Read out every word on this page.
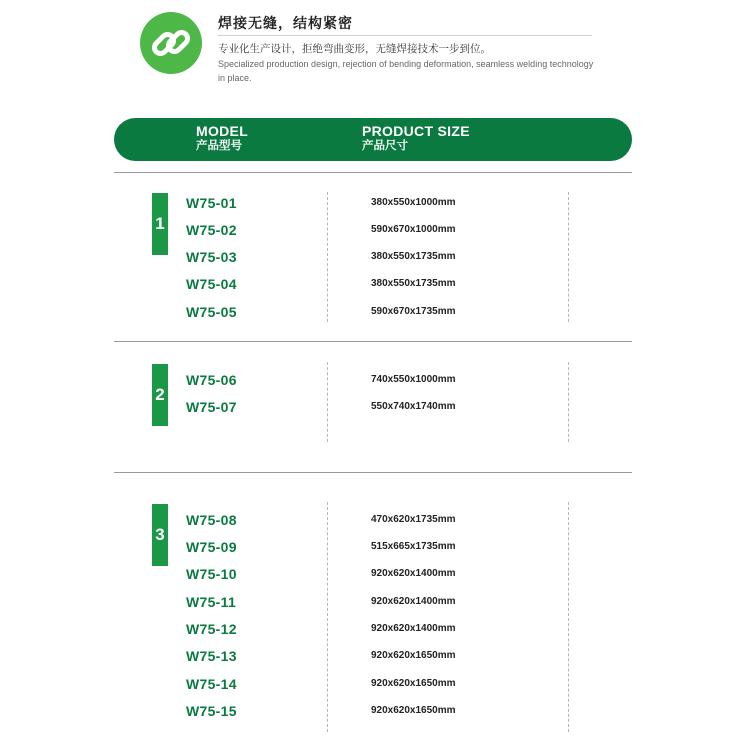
焊接无缝，结构紧密
专业化生产设计，拒绝弯曲变形，无缝焊接技术一步到位。
Specialized production design, rejection of bending deformation, seamless welding technology in place.
MODEL
产品型号
PRODUCT SIZE
产品尺寸
1
W75-01	380x550x1000mm
W75-02	590x670x1000mm
W75-03	380x550x1735mm
W75-04	380x550x1735mm
W75-05	590x670x1735mm
2
W75-06	740x550x1000mm
W75-07	550x740x1740mm
3
W75-08	470x620x1735mm
W75-09	515x665x1735mm
W75-10	920x620x1400mm
W75-11	920x620x1400mm
W75-12	920x620x1400mm
W75-13	920x620x1650mm
W75-14	920x620x1650mm
W75-15	920x620x1650mm
